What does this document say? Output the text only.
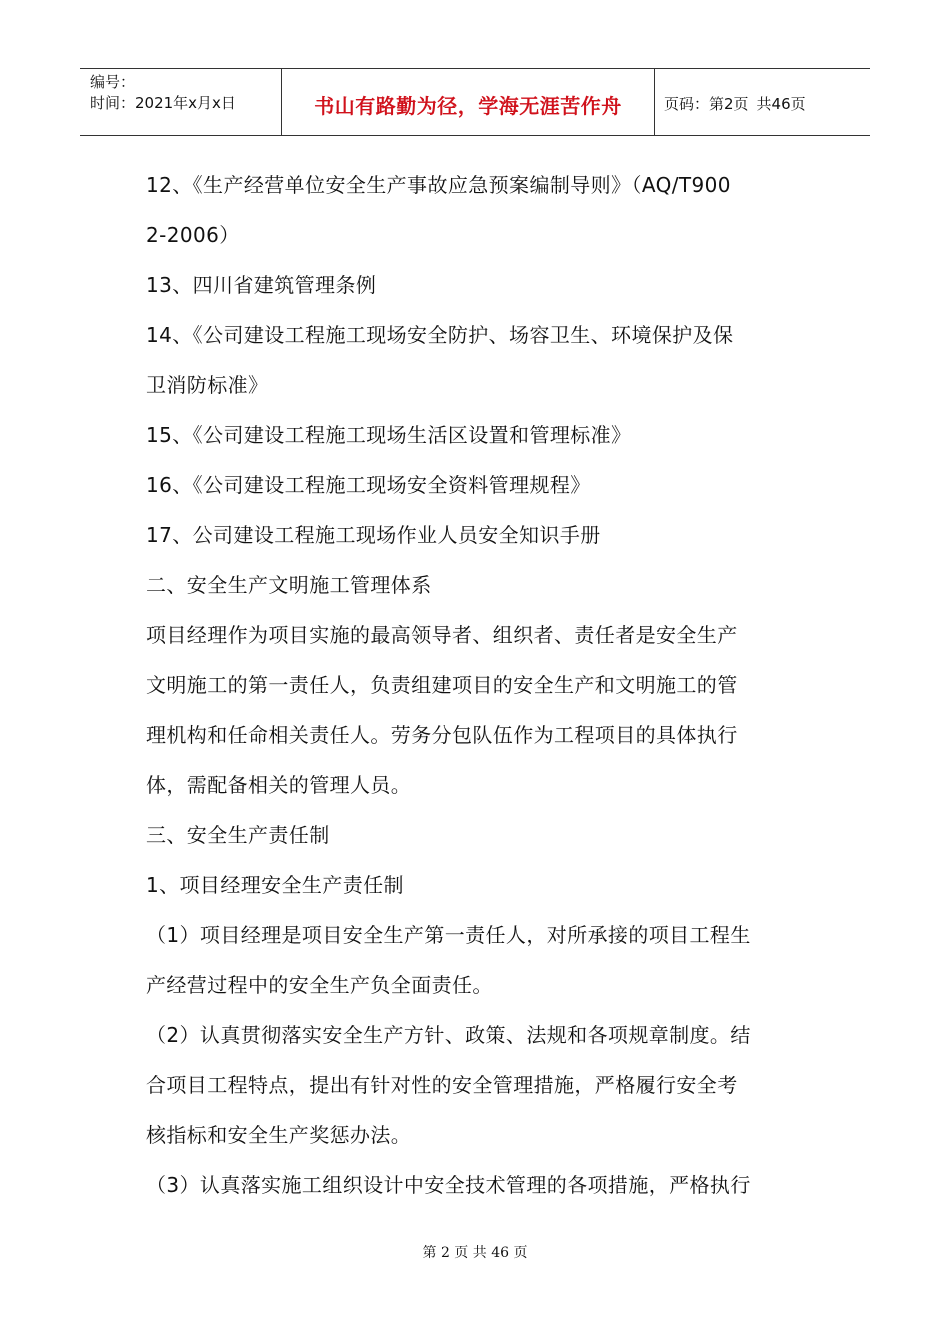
编号：
时间：2021年x月x日	书山有路勤为径，学海无涯苦作舟	页码：第2页 共46页

12、《生产经营单位安全生产事故应急预案编制导则》（AQ/T900

2-2006）

13、四川省建筑管理条例

14、《公司建设工程施工现场安全防护、场容卫生、环境保护及保

卫消防标准》

15、《公司建设工程施工现场生活区设置和管理标准》

16、《公司建设工程施工现场安全资料管理规程》

17、公司建设工程施工现场作业人员安全知识手册

二、安全生产文明施工管理体系

项目经理作为项目实施的最高领导者、组织者、责任者是安全生产

文明施工的第一责任人，负责组建项目的安全生产和文明施工的管

理机构和任命相关责任人。劳务分包队伍作为工程项目的具体执行

体，需配备相关的管理人员。

三、安全生产责任制

1、项目经理安全生产责任制

（1）项目经理是项目安全生产第一责任人，对所承接的项目工程生

产经营过程中的安全生产负全面责任。

（2）认真贯彻落实安全生产方针、政策、法规和各项规章制度。结

合项目工程特点，提出有针对性的安全管理措施，严格履行安全考

核指标和安全生产奖惩办法。

（3）认真落实施工组织设计中安全技术管理的各项措施，严格执行

第 2 页 共 46 页
